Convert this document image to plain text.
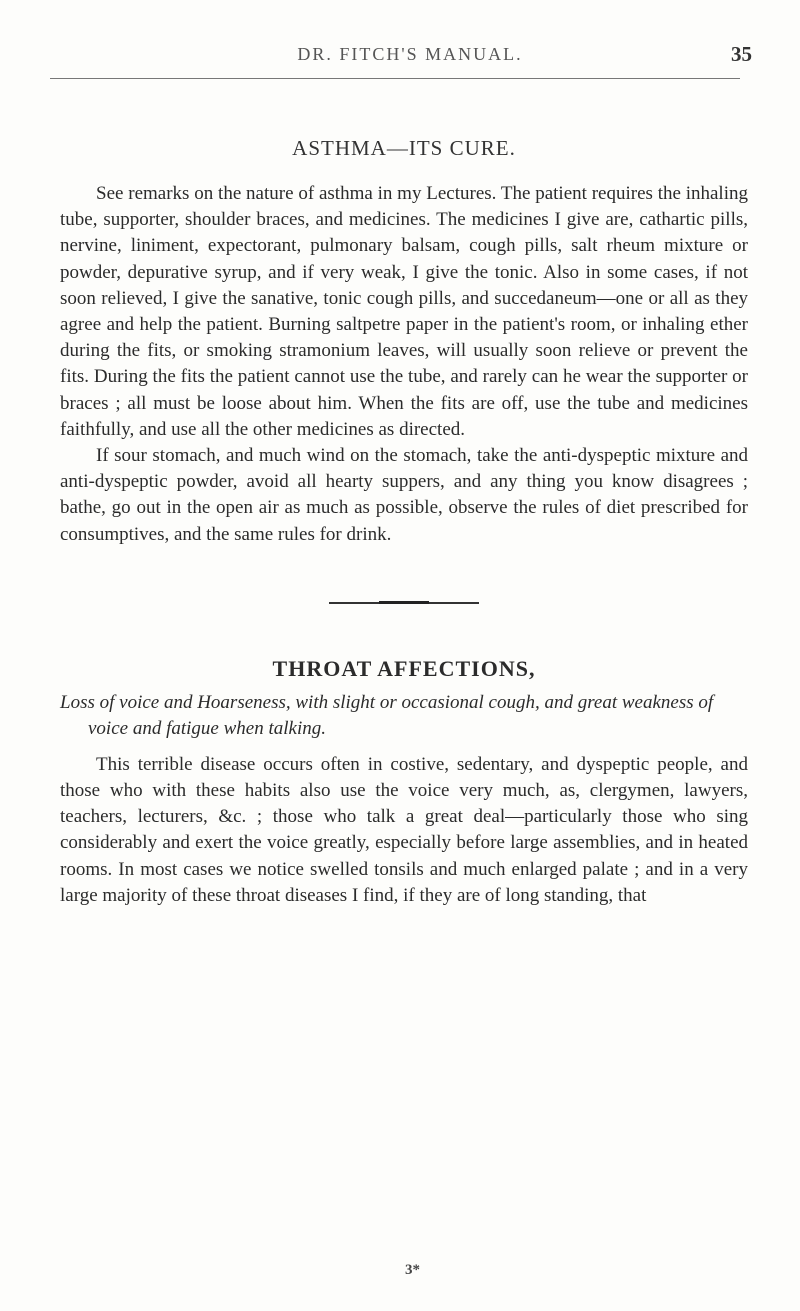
DR. FITCH'S MANUAL.	35
ASTHMA—ITS CURE.

See remarks on the nature of asthma in my Lectures. The patient requires the inhaling tube, supporter, shoulder braces, and medicines. The medicines I give are, cathartic pills, nervine, liniment, expectorant, pulmonary balsam, cough pills, salt rheum mixture or powder, depurative syrup, and if very weak, I give the tonic. Also in some cases, if not soon relieved, I give the sanative, tonic cough pills, and succedaneum—one or all as they agree and help the patient. Burning saltpetre paper in the patient's room, or inhaling ether during the fits, or smoking stramonium leaves, will usually soon relieve or prevent the fits. During the fits the patient cannot use the tube, and rarely can he wear the supporter or braces ; all must be loose about him. When the fits are off, use the tube and medicines faithfully, and use all the other medicines as directed.

If sour stomach, and much wind on the stomach, take the anti-dyspeptic mixture and anti-dyspeptic powder, avoid all hearty suppers, and any thing you know disagrees ; bathe, go out in the open air as much as possible, observe the rules of diet prescribed for consumptives, and the same rules for drink.

THROAT AFFECTIONS,
Loss of voice and Hoarseness, with slight or occasional cough, and great weakness of voice and fatigue when talking.

This terrible disease occurs often in costive, sedentary, and dyspeptic people, and those who with these habits also use the voice very much, as, clergymen, lawyers, teachers, lecturers, &c. ; those who talk a great deal—particularly those who sing considerably and exert the voice greatly, especially before large assemblies, and in heated rooms. In most cases we notice swelled tonsils and much enlarged palate ; and in a very large majority of these throat diseases I find, if they are of long standing, that

3*
